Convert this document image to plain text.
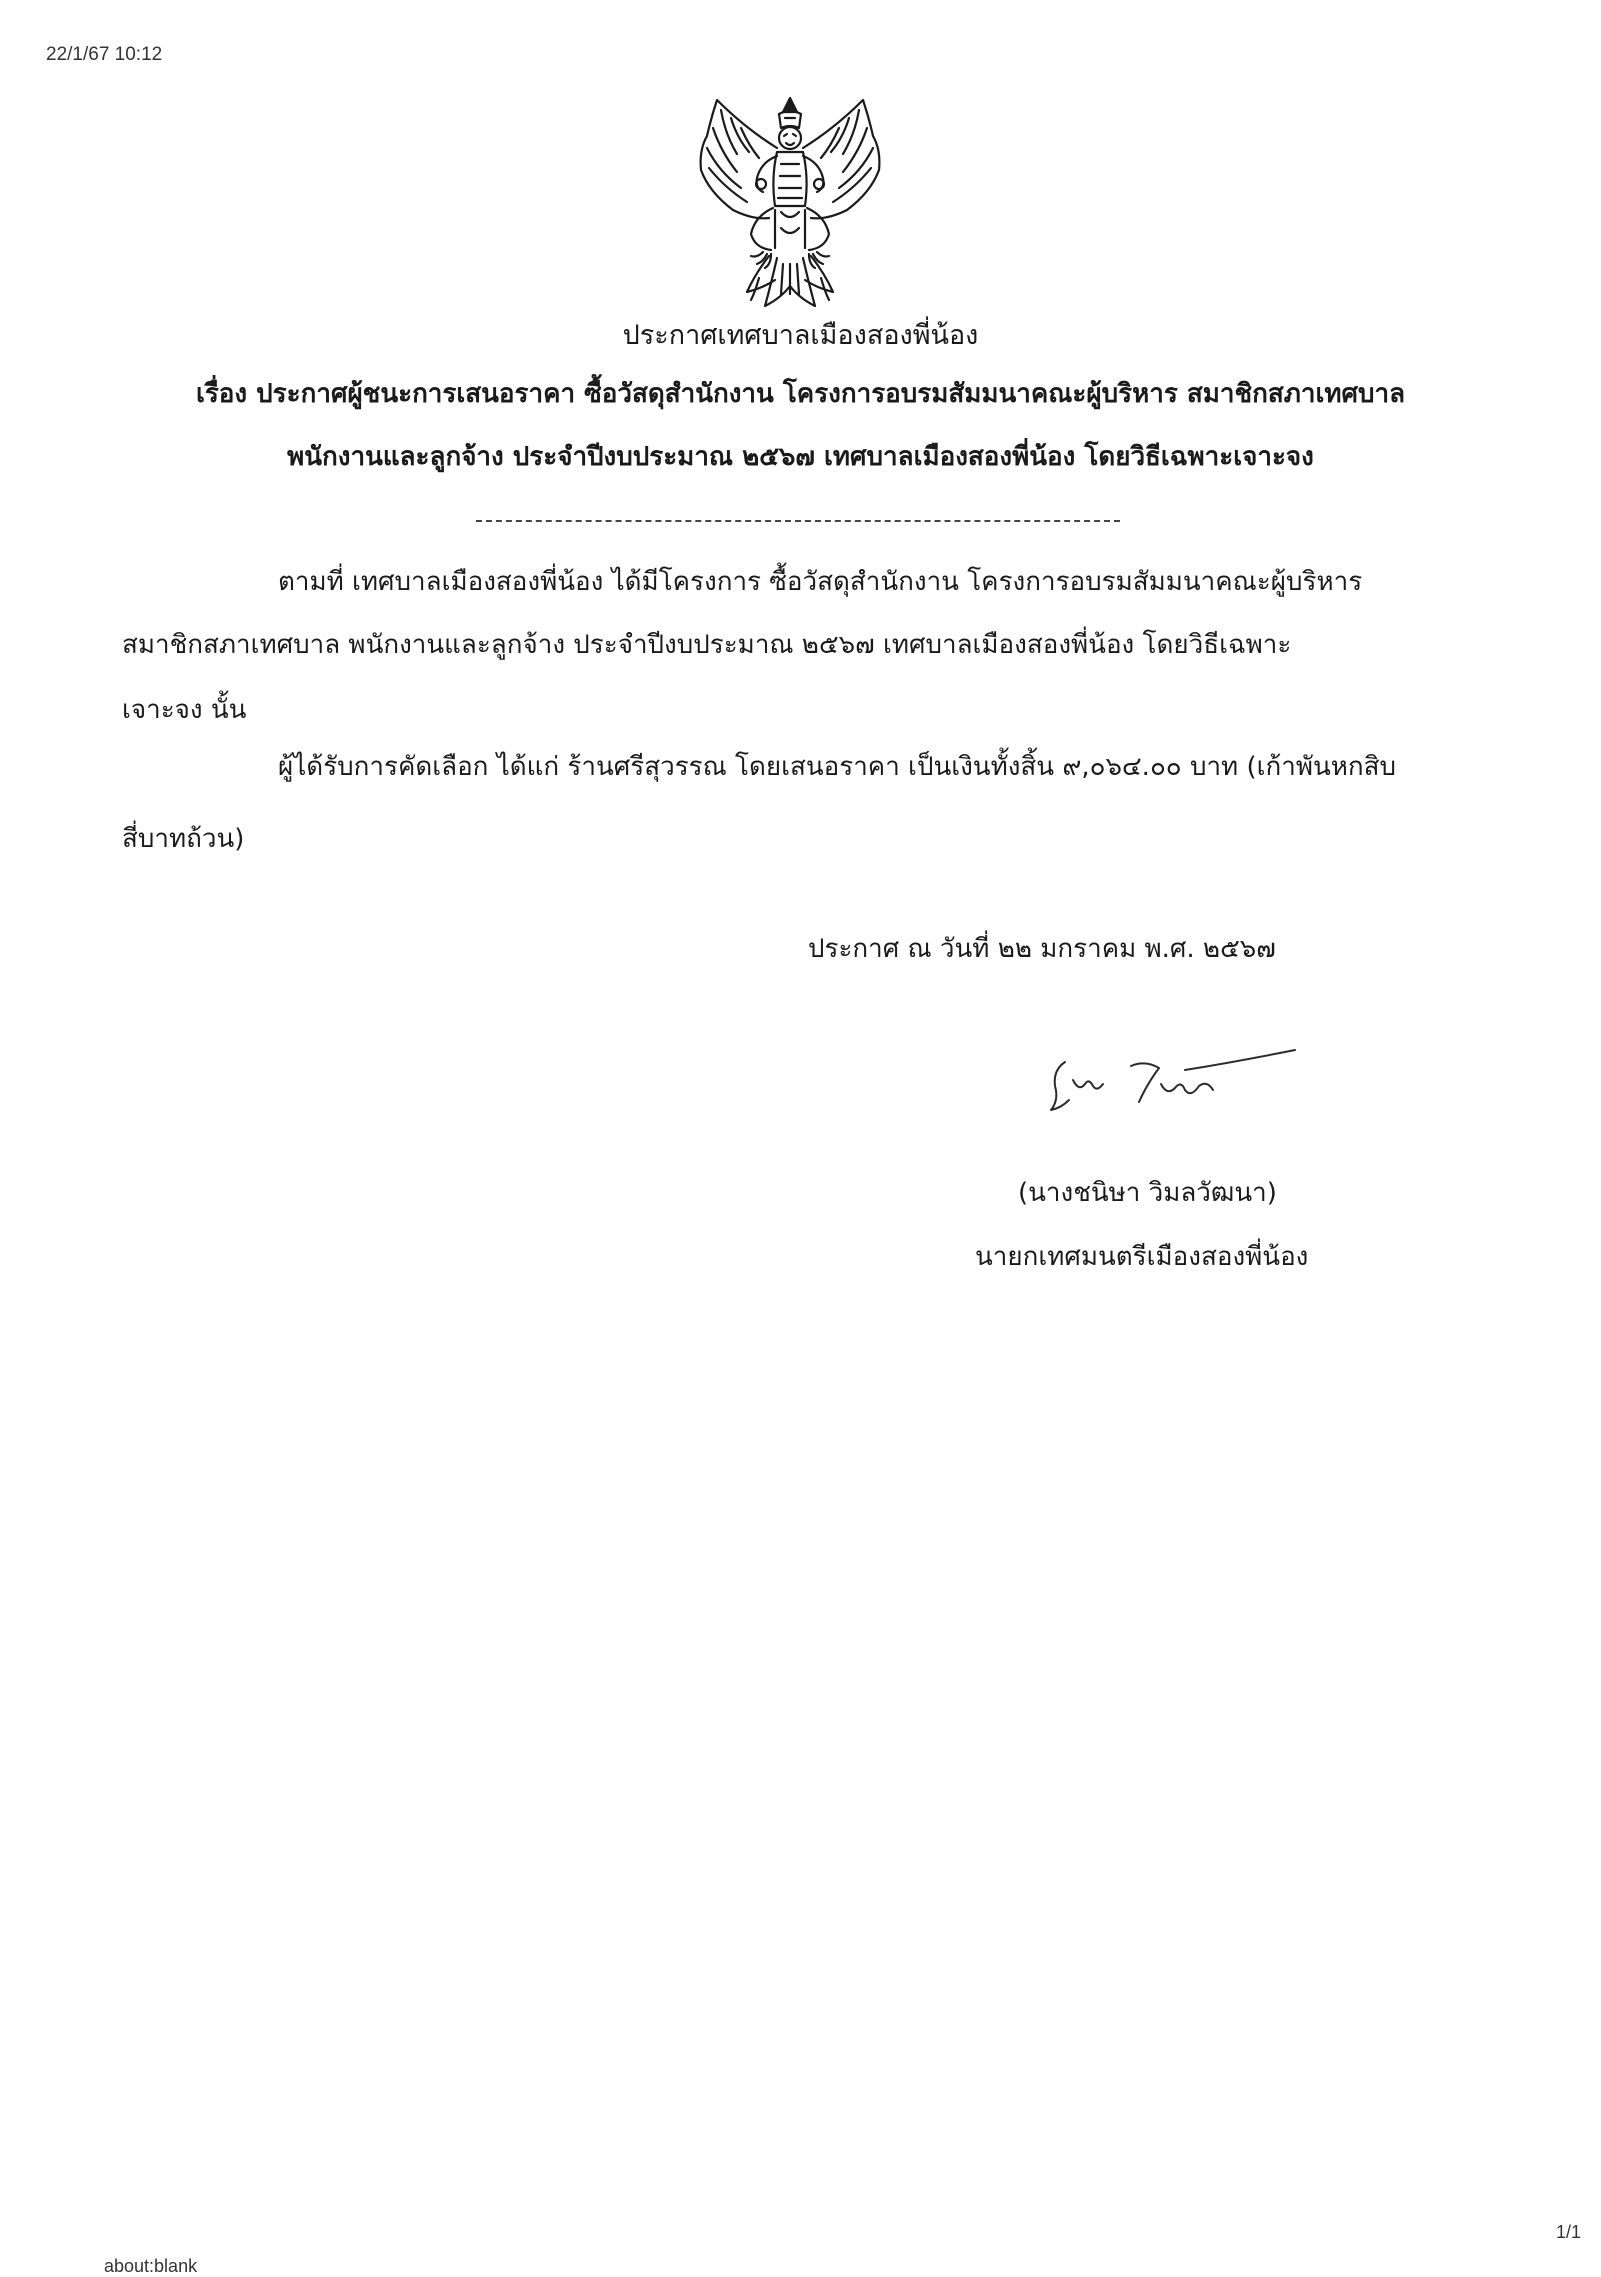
22/1/67 10:12
ประกาศเทศบาลเมืองสองพี่น้อง
เรื่อง ประกาศผู้ชนะการเสนอราคา ซื้อวัสดุสำนักงาน โครงการอบรมสัมมนาคณะผู้บริหาร สมาชิกสภาเทศบาล
พนักงานและลูกจ้าง ประจำปีงบประมาณ ๒๕๖๗ เทศบาลเมืองสองพี่น้อง โดยวิธีเฉพาะเจาะจง
ตามที่ เทศบาลเมืองสองพี่น้อง ได้มีโครงการ ซื้อวัสดุสำนักงาน โครงการอบรมสัมมนาคณะผู้บริหาร
สมาชิกสภาเทศบาล พนักงานและลูกจ้าง ประจำปีงบประมาณ ๒๕๖๗ เทศบาลเมืองสองพี่น้อง โดยวิธีเฉพาะ
เจาะจง นั้น
ผู้ได้รับการคัดเลือก ได้แก่ ร้านศรีสุวรรณ โดยเสนอราคา เป็นเงินทั้งสิ้น ๙,๐๖๔.๐๐ บาท (เก้าพันหกสิบ
สี่บาทถ้วน)
ประกาศ ณ วันที่ ๒๒ มกราคม พ.ศ. ๒๕๖๗
(นางชนิษา วิมลวัฒนา)
นายกเทศมนตรีเมืองสองพี่น้อง
1/1
about:blank
